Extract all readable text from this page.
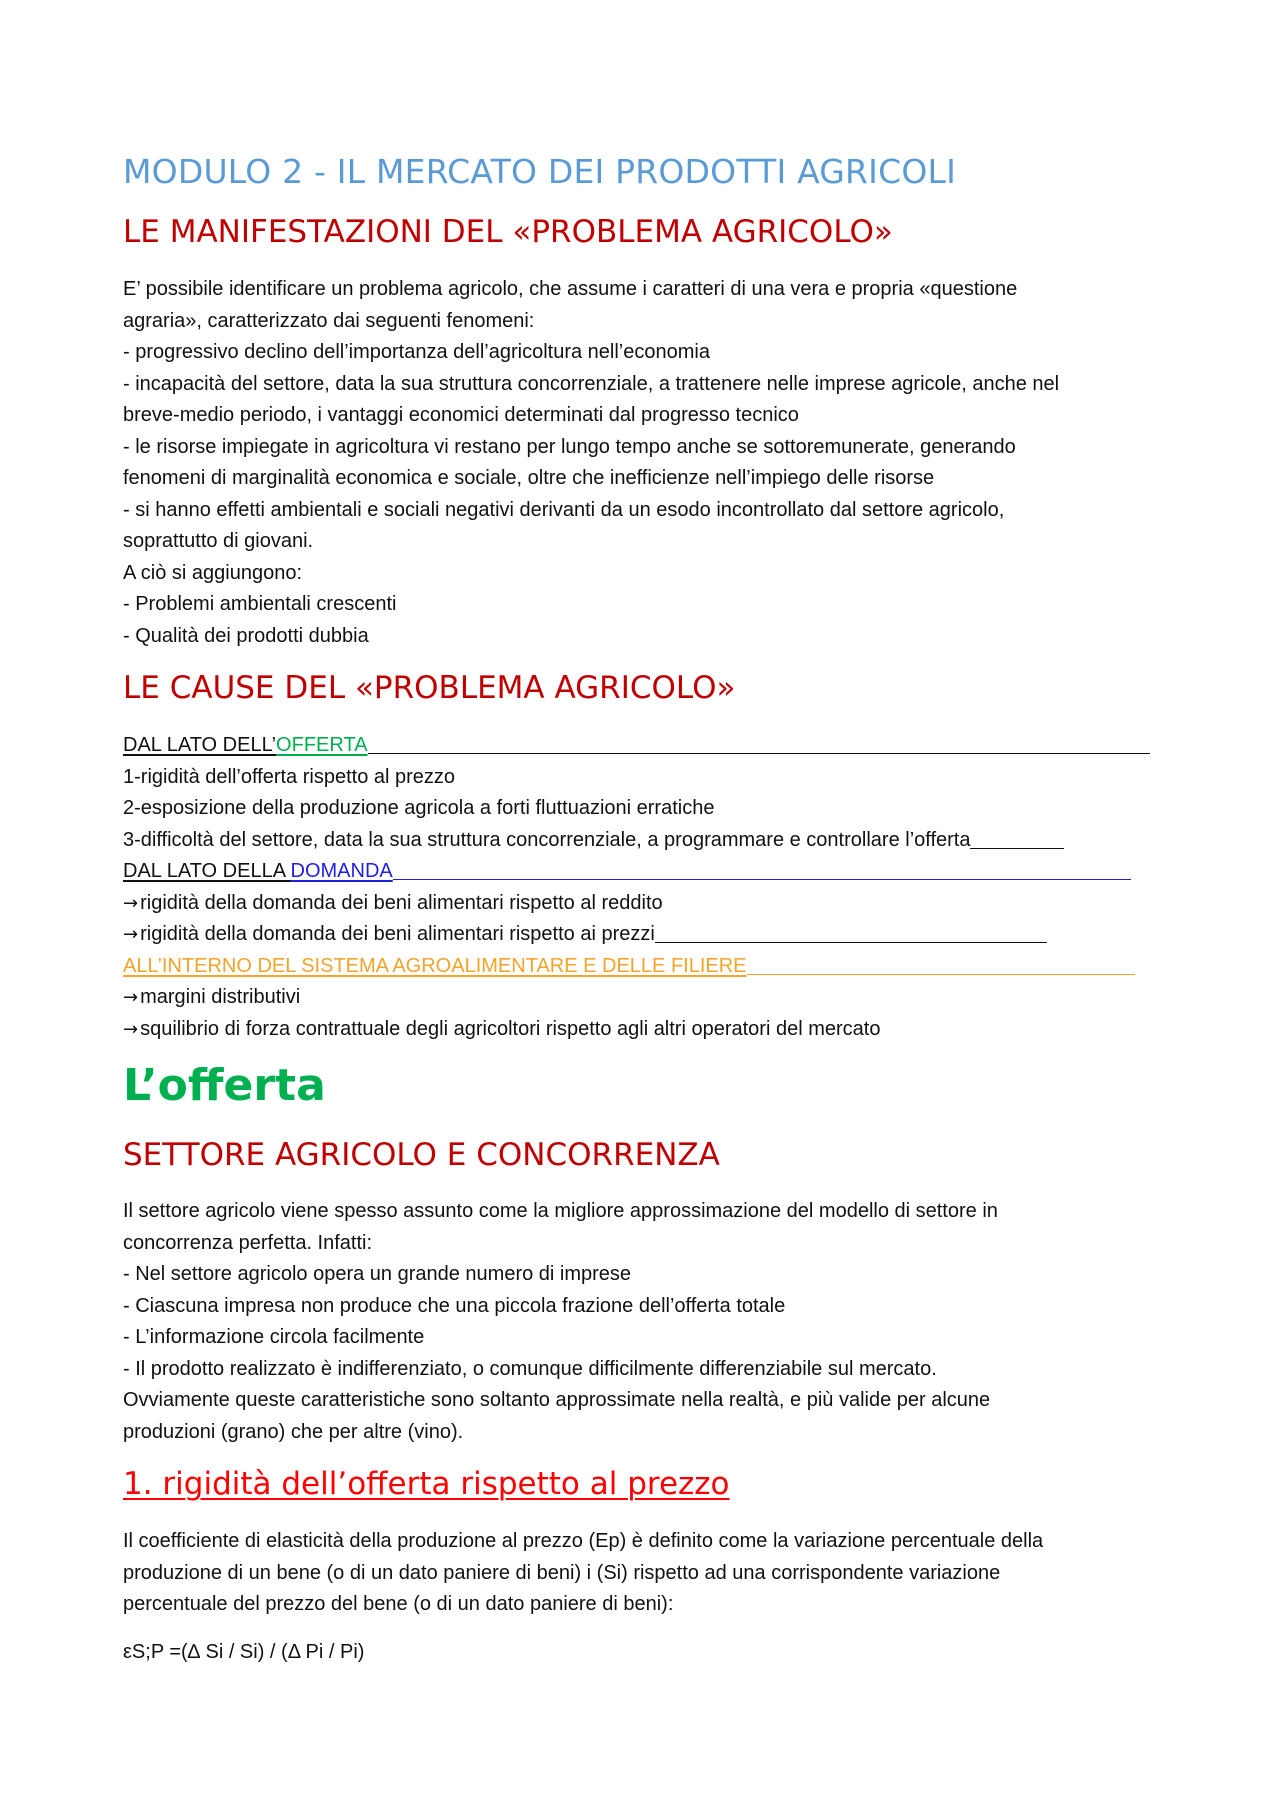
MODULO 2 - IL MERCATO DEI PRODOTTI AGRICOLI
LE MANIFESTAZIONI DEL «PROBLEMA AGRICOLO»
E’ possibile identificare un problema agricolo, che assume i caratteri di una vera e propria «questione
agraria», caratterizzato dai seguenti fenomeni:
- progressivo declino dell’importanza dell’agricoltura nell’economia
- incapacità del settore, data la sua struttura concorrenziale, a trattenere nelle imprese agricole, anche nel
breve-medio periodo, i vantaggi economici determinati dal progresso tecnico
- le risorse impiegate in agricoltura vi restano per lungo tempo anche se sottoremunerate, generando
fenomeni di marginalità economica e sociale, oltre che inefficienze nell’impiego delle risorse
- si hanno effetti ambientali e sociali negativi derivanti da un esodo incontrollato dal settore agricolo,
soprattutto di giovani.
A ciò si aggiungono:
- Problemi ambientali crescenti
- Qualità dei prodotti dubbia
LE CAUSE DEL «PROBLEMA AGRICOLO»
DAL LATO DELL’OFFERTA
1-rigidità dell’offerta rispetto al prezzo
2-esposizione della produzione agricola a forti fluttuazioni erratiche
3-difficoltà del settore, data la sua struttura concorrenziale, a programmare e controllare l’offerta
DAL LATO DELLA DOMANDA
→ rigidità della domanda dei beni alimentari rispetto al reddito
→ rigidità della domanda dei beni alimentari rispetto ai prezzi
ALL’INTERNO DEL SISTEMA AGROALIMENTARE E DELLE FILIERE
→ margini distributivi
→ squilibrio di forza contrattuale degli agricoltori rispetto agli altri operatori del mercato
L’offerta
SETTORE AGRICOLO E CONCORRENZA
Il settore agricolo viene spesso assunto come la migliore approssimazione del modello di settore in
concorrenza perfetta. Infatti:
- Nel settore agricolo opera un grande numero di imprese
- Ciascuna impresa non produce che una piccola frazione dell’offerta totale
- L’informazione circola facilmente
- Il prodotto realizzato è indifferenziato, o comunque difficilmente differenziabile sul mercato.
Ovviamente queste caratteristiche sono soltanto approssimate nella realtà, e più valide per alcune
produzioni (grano) che per altre (vino).
1. rigidità dell’offerta rispetto al prezzo
Il coefficiente di elasticità della produzione al prezzo (Ep) è definito come la variazione percentuale della
produzione di un bene (o di un dato paniere di beni) i (Si) rispetto ad una corrispondente variazione
percentuale del prezzo del bene (o di un dato paniere di beni):
εS;P =(∆ Si / Si) / (Δ Pi / Pi)
